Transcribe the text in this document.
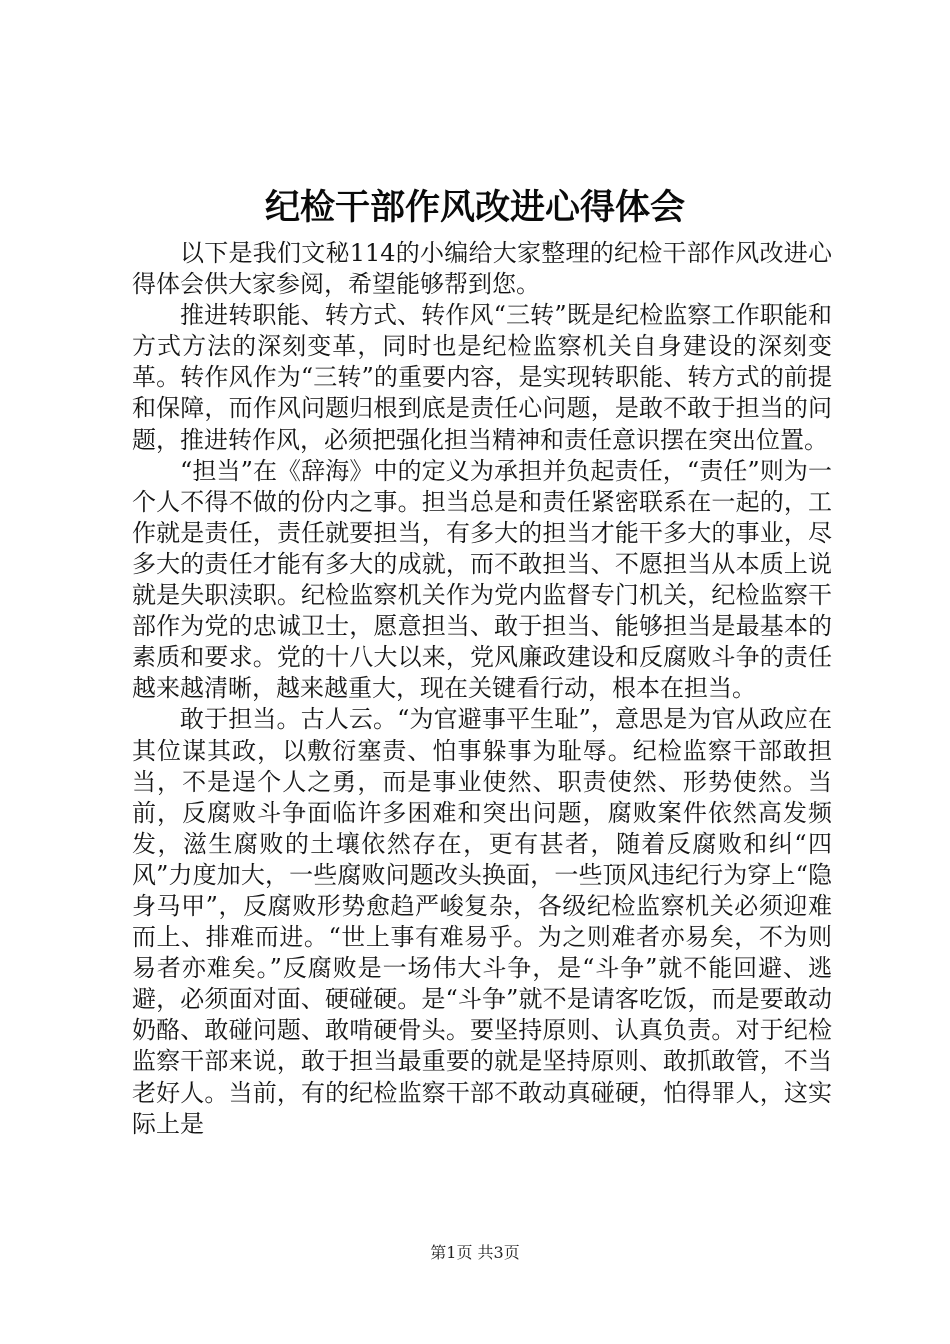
纪检干部作风改进心得体会

以下是我们文秘114的小编给大家整理的纪检干部作风改进心得体会供大家参阅，希望能够帮到您。

推进转职能、转方式、转作风“三转”既是纪检监察工作职能和方式方法的深刻变革，同时也是纪检监察机关自身建设的深刻变革。转作风作为“三转”的重要内容，是实现转职能、转方式的前提和保障，而作风问题归根到底是责任心问题，是敢不敢于担当的问题，推进转作风，必须把强化担当精神和责任意识摆在突出位置。

“担当”在《辞海》中的定义为承担并负起责任，“责任”则为一个人不得不做的份内之事。担当总是和责任紧密联系在一起的，工作就是责任，责任就要担当，有多大的担当才能干多大的事业，尽多大的责任才能有多大的成就，而不敢担当、不愿担当从本质上说就是失职渎职。纪检监察机关作为党内监督专门机关，纪检监察干部作为党的忠诚卫士，愿意担当、敢于担当、能够担当是最基本的素质和要求。党的十八大以来，党风廉政建设和反腐败斗争的责任越来越清晰，越来越重大，现在关键看行动，根本在担当。

敢于担当。古人云。“为官避事平生耻”，意思是为官从政应在其位谋其政，以敷衍塞责、怕事躲事为耻辱。纪检监察干部敢担当，不是逞个人之勇，而是事业使然、职责使然、形势使然。当前，反腐败斗争面临许多困难和突出问题，腐败案件依然高发频发，滋生腐败的土壤依然存在，更有甚者，随着反腐败和纠“四风”力度加大，一些腐败问题改头换面，一些顶风违纪行为穿上“隐身马甲”，反腐败形势愈趋严峻复杂，各级纪检监察机关必须迎难而上、排难而进。“世上事有难易乎。为之则难者亦易矣，不为则易者亦难矣。”反腐败是一场伟大斗争，是“斗争”就不能回避、逃避，必须面对面、硬碰硬。是“斗争”就不是请客吃饭，而是要敢动奶酪、敢碰问题、敢啃硬骨头。要坚持原则、认真负责。对于纪检监察干部来说，敢于担当最重要的就是坚持原则、敢抓敢管，不当老好人。当前，有的纪检监察干部不敢动真碰硬，怕得罪人，这实际上是

第1页 共3页
